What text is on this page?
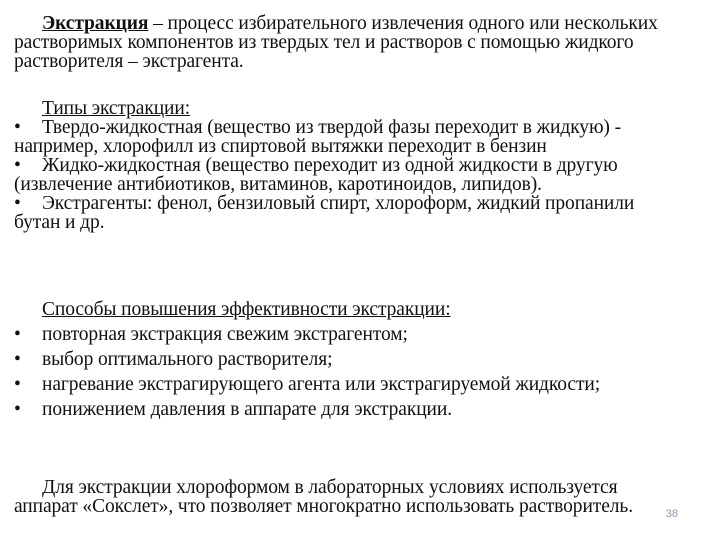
Экстракция – процесс избирательного извлечения одного или нескольких растворимых компонентов из твердых тел и растворов с помощью жидкого растворителя – экстрагента.

Типы экстракции:

• Твердо-жидкостная (вещество из твердой фазы переходит в жидкую) - например, хлорофилл из спиртовой вытяжки переходит в бензин

• Жидко-жидкостная (вещество переходит из одной жидкости в другую (извлечение антибиотиков, витаминов, каротиноидов, липидов).

• Экстрагенты: фенол, бензиловый спирт, хлороформ, жидкий пропанили бутан и др.

Способы повышения эффективности экстракции:

• повторная экстракция свежим экстрагентом;

• выбор оптимального растворителя;

• нагревание экстрагирующего агента или экстрагируемой жидкости;

• понижением давления в аппарате для экстракции.

Для экстракции хлороформом в лабораторных условиях используется аппарат «Сокслет», что позволяет многократно использовать растворитель.	38
